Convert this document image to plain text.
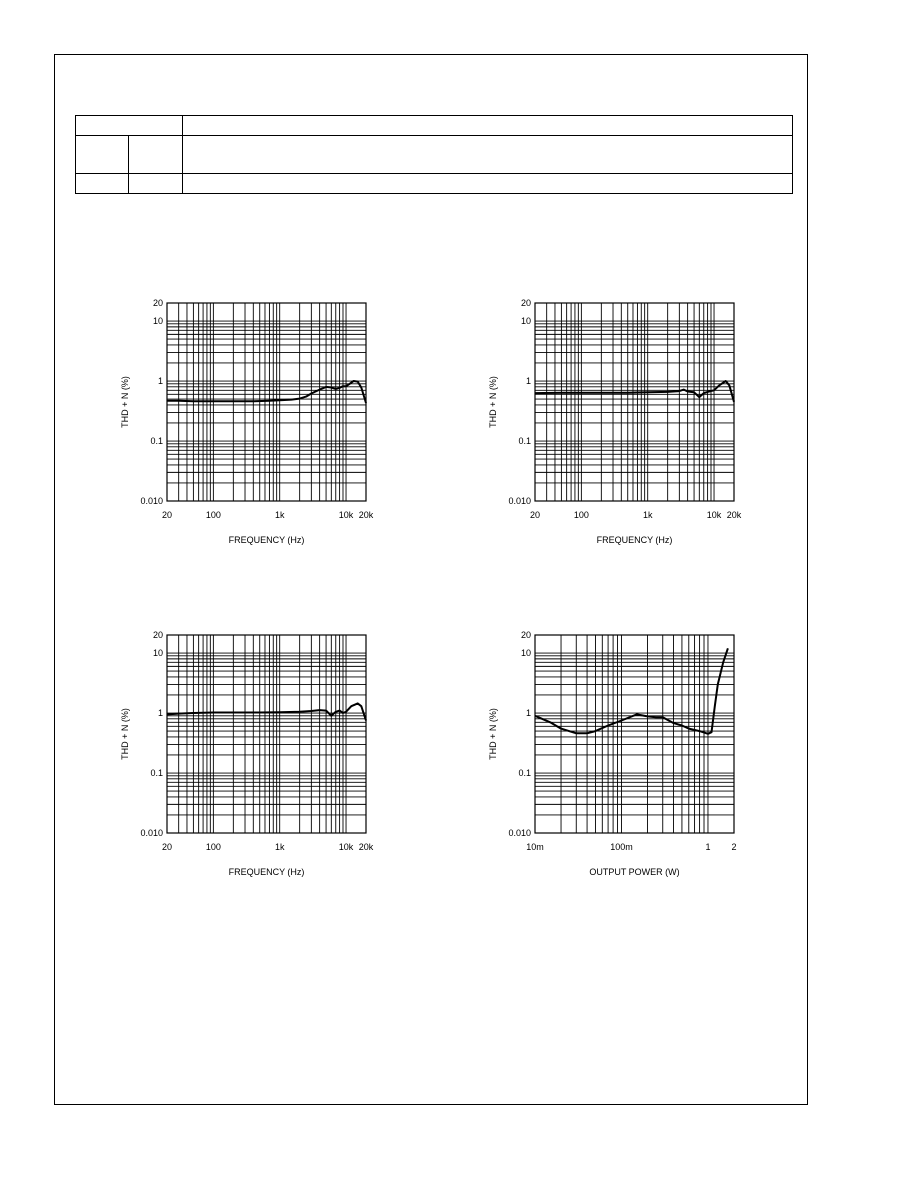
20
10
1
0.1
0.010
20	100	1k	10k 20k
FREQUENCY (Hz)
THD + N (%)
20
10
1
0.1
0.010
20	100	1k	10k 20k
FREQUENCY (Hz)
THD + N (%)
20
10
1
0.1
0.010
20	100	1k	10k 20k
FREQUENCY (Hz)
THD + N (%)
20
10
1
0.1
0.010
10m	100m	1 2
OUTPUT POWER (W)
THD + N (%)
